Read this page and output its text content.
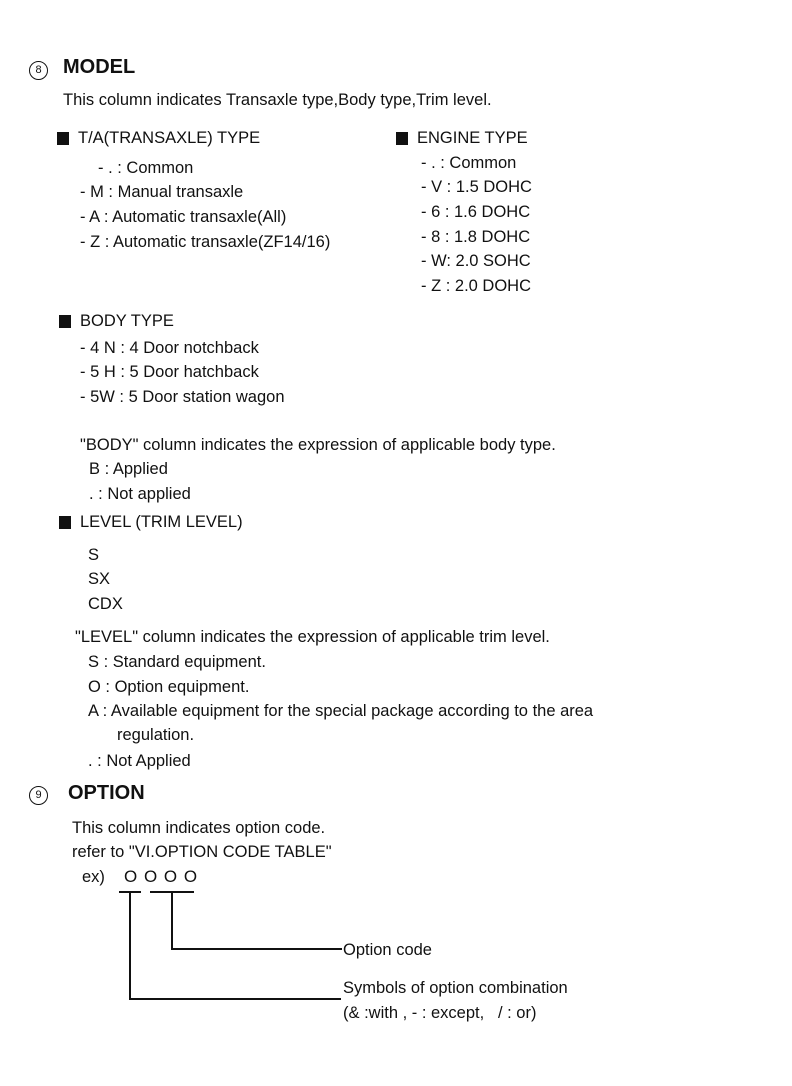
8	MODEL
This column indicates Transaxle type,Body type,Trim level.
T/A(TRANSAXLE) TYPE
- . : Common
- M : Manual transaxle
- A : Automatic transaxle(All)
- Z : Automatic transaxle(ZF14/16)
ENGINE TYPE
- . : Common
- V : 1.5 DOHC
- 6 : 1.6 DOHC
- 8 : 1.8 DOHC
- W: 2.0 SOHC
- Z : 2.0 DOHC
BODY TYPE
- 4 N : 4 Door notchback
- 5 H : 5 Door hatchback
- 5W : 5 Door station wagon
"BODY" column indicates the expression of applicable body type.
B : Applied
. : Not applied
LEVEL (TRIM LEVEL)
S
SX
CDX
"LEVEL" column indicates the expression of applicable trim level.
S : Standard equipment.
O : Option equipment.
A : Available equipment for the special package according to the area
regulation.
. : Not Applied
9	OPTION
This column indicates option code.
refer to "VI.OPTION CODE TABLE"
ex) O O O O
Option code
Symbols of option combination
(& :with , - : except,   / : or)
